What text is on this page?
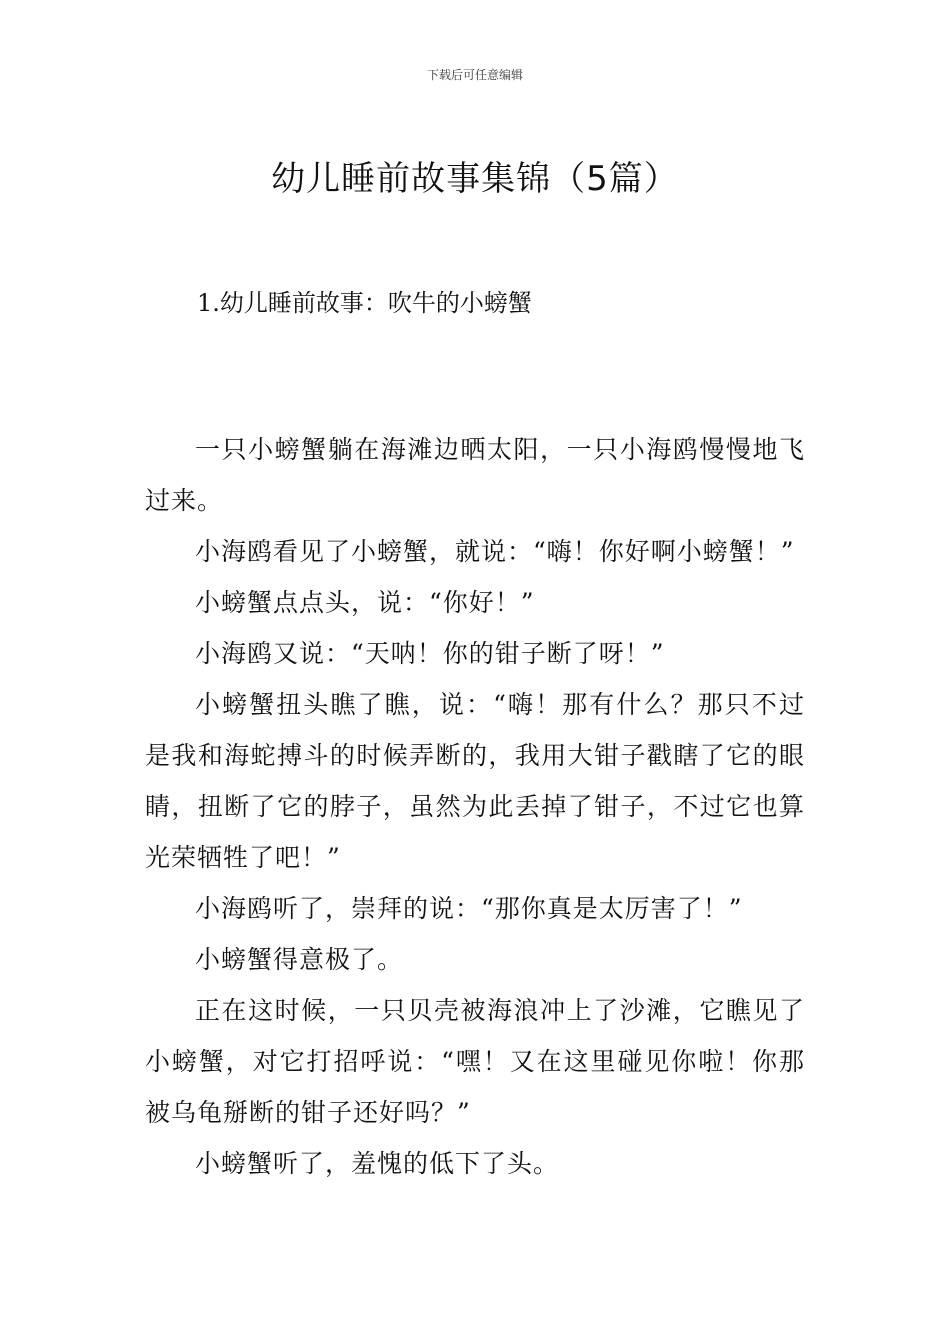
下载后可任意编辑
幼儿睡前故事集锦（5篇）
1.幼儿睡前故事：吹牛的小螃蟹

一只小螃蟹躺在海滩边晒太阳，一只小海鸥慢慢地飞过来。

小海鸥看见了小螃蟹，就说：“嗨！你好啊小螃蟹！”

小螃蟹点点头，说：“你好！”

小海鸥又说：“天呐！你的钳子断了呀！”

小螃蟹扭头瞧了瞧，说：“嗨！那有什么？那只不过是我和海蛇搏斗的时候弄断的，我用大钳子戳瞎了它的眼睛，扭断了它的脖子，虽然为此丢掉了钳子，不过它也算光荣牺牲了吧！”

小海鸥听了，崇拜的说：“那你真是太厉害了！”

小螃蟹得意极了。

正在这时候，一只贝壳被海浪冲上了沙滩，它瞧见了小螃蟹，对它打招呼说：“嘿！又在这里碰见你啦！你那被乌龟掰断的钳子还好吗？”

小螃蟹听了，羞愧的低下了头。
